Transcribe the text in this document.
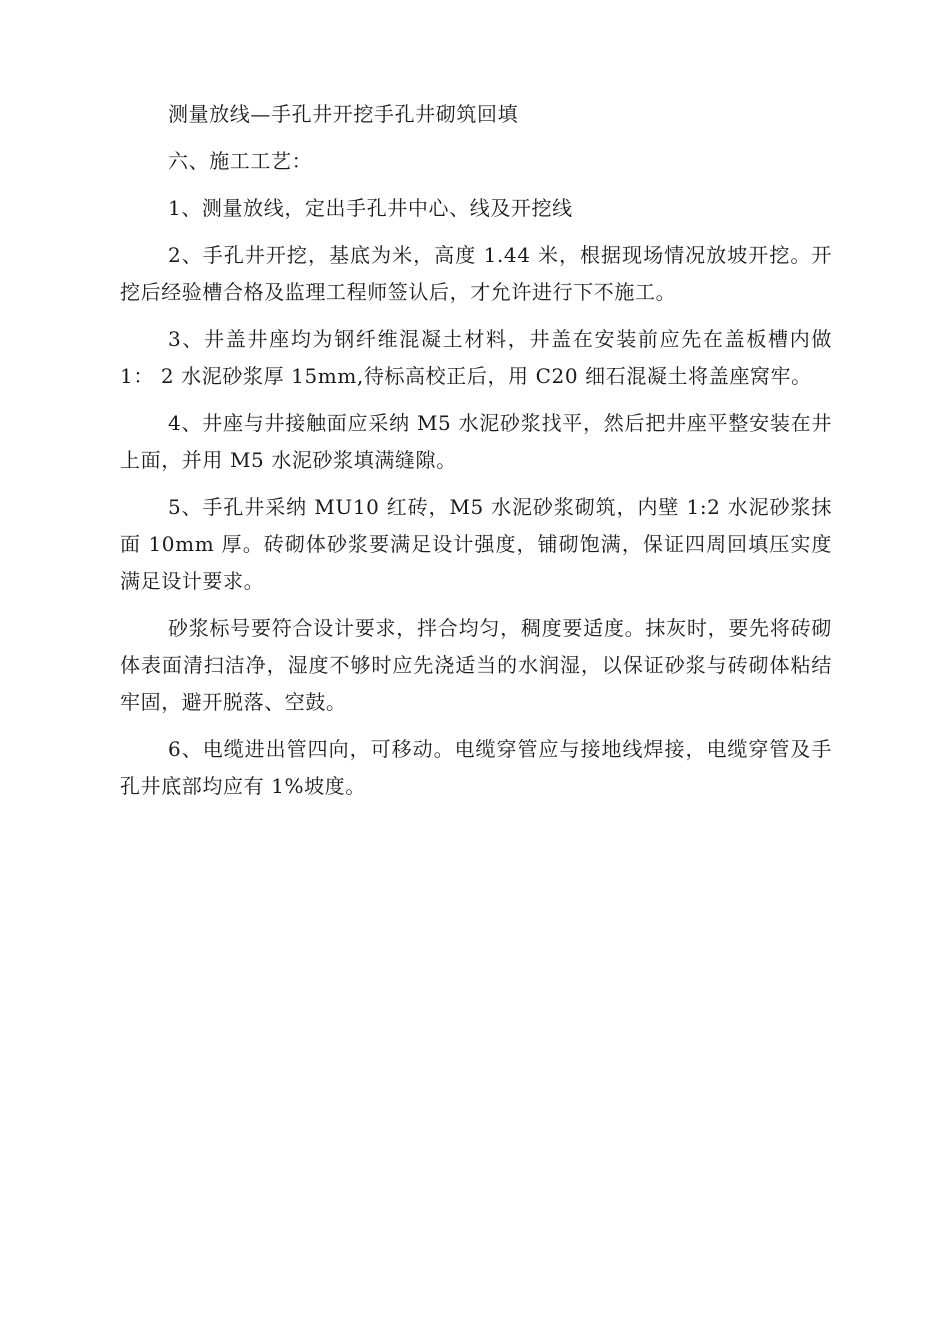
测量放线—手孔井开挖手孔井砌筑回填

六、施工工艺：

1、测量放线，定出手孔井中心、线及开挖线

2、手孔井开挖，基底为米，高度 1.44 米，根据现场情况放坡开挖。开挖后经验槽合格及监理工程师签认后，才允许进行下不施工。

3、井盖井座均为钢纤维混凝土材料，井盖在安装前应先在盖板槽内做 1： 2 水泥砂浆厚 15mm,待标高校正后，用 C20 细石混凝土将盖座窝牢。

4、井座与井接触面应采纳 M5 水泥砂浆找平，然后把井座平整安装在井上面，并用 M5 水泥砂浆填满缝隙。

5、手孔井采纳 MU10 红砖，M5 水泥砂浆砌筑，内壁 1:2 水泥砂浆抹面 10mm 厚。砖砌体砂浆要满足设计强度，铺砌饱满，保证四周回填压实度满足设计要求。

砂浆标号要符合设计要求，拌合均匀，稠度要适度。抹灰时，要先将砖砌体表面清扫洁净，湿度不够时应先浇适当的水润湿，以保证砂浆与砖砌体粘结牢固，避开脱落、空鼓。

6、电缆进出管四向，可移动。电缆穿管应与接地线焊接，电缆穿管及手孔井底部均应有 1%坡度。
